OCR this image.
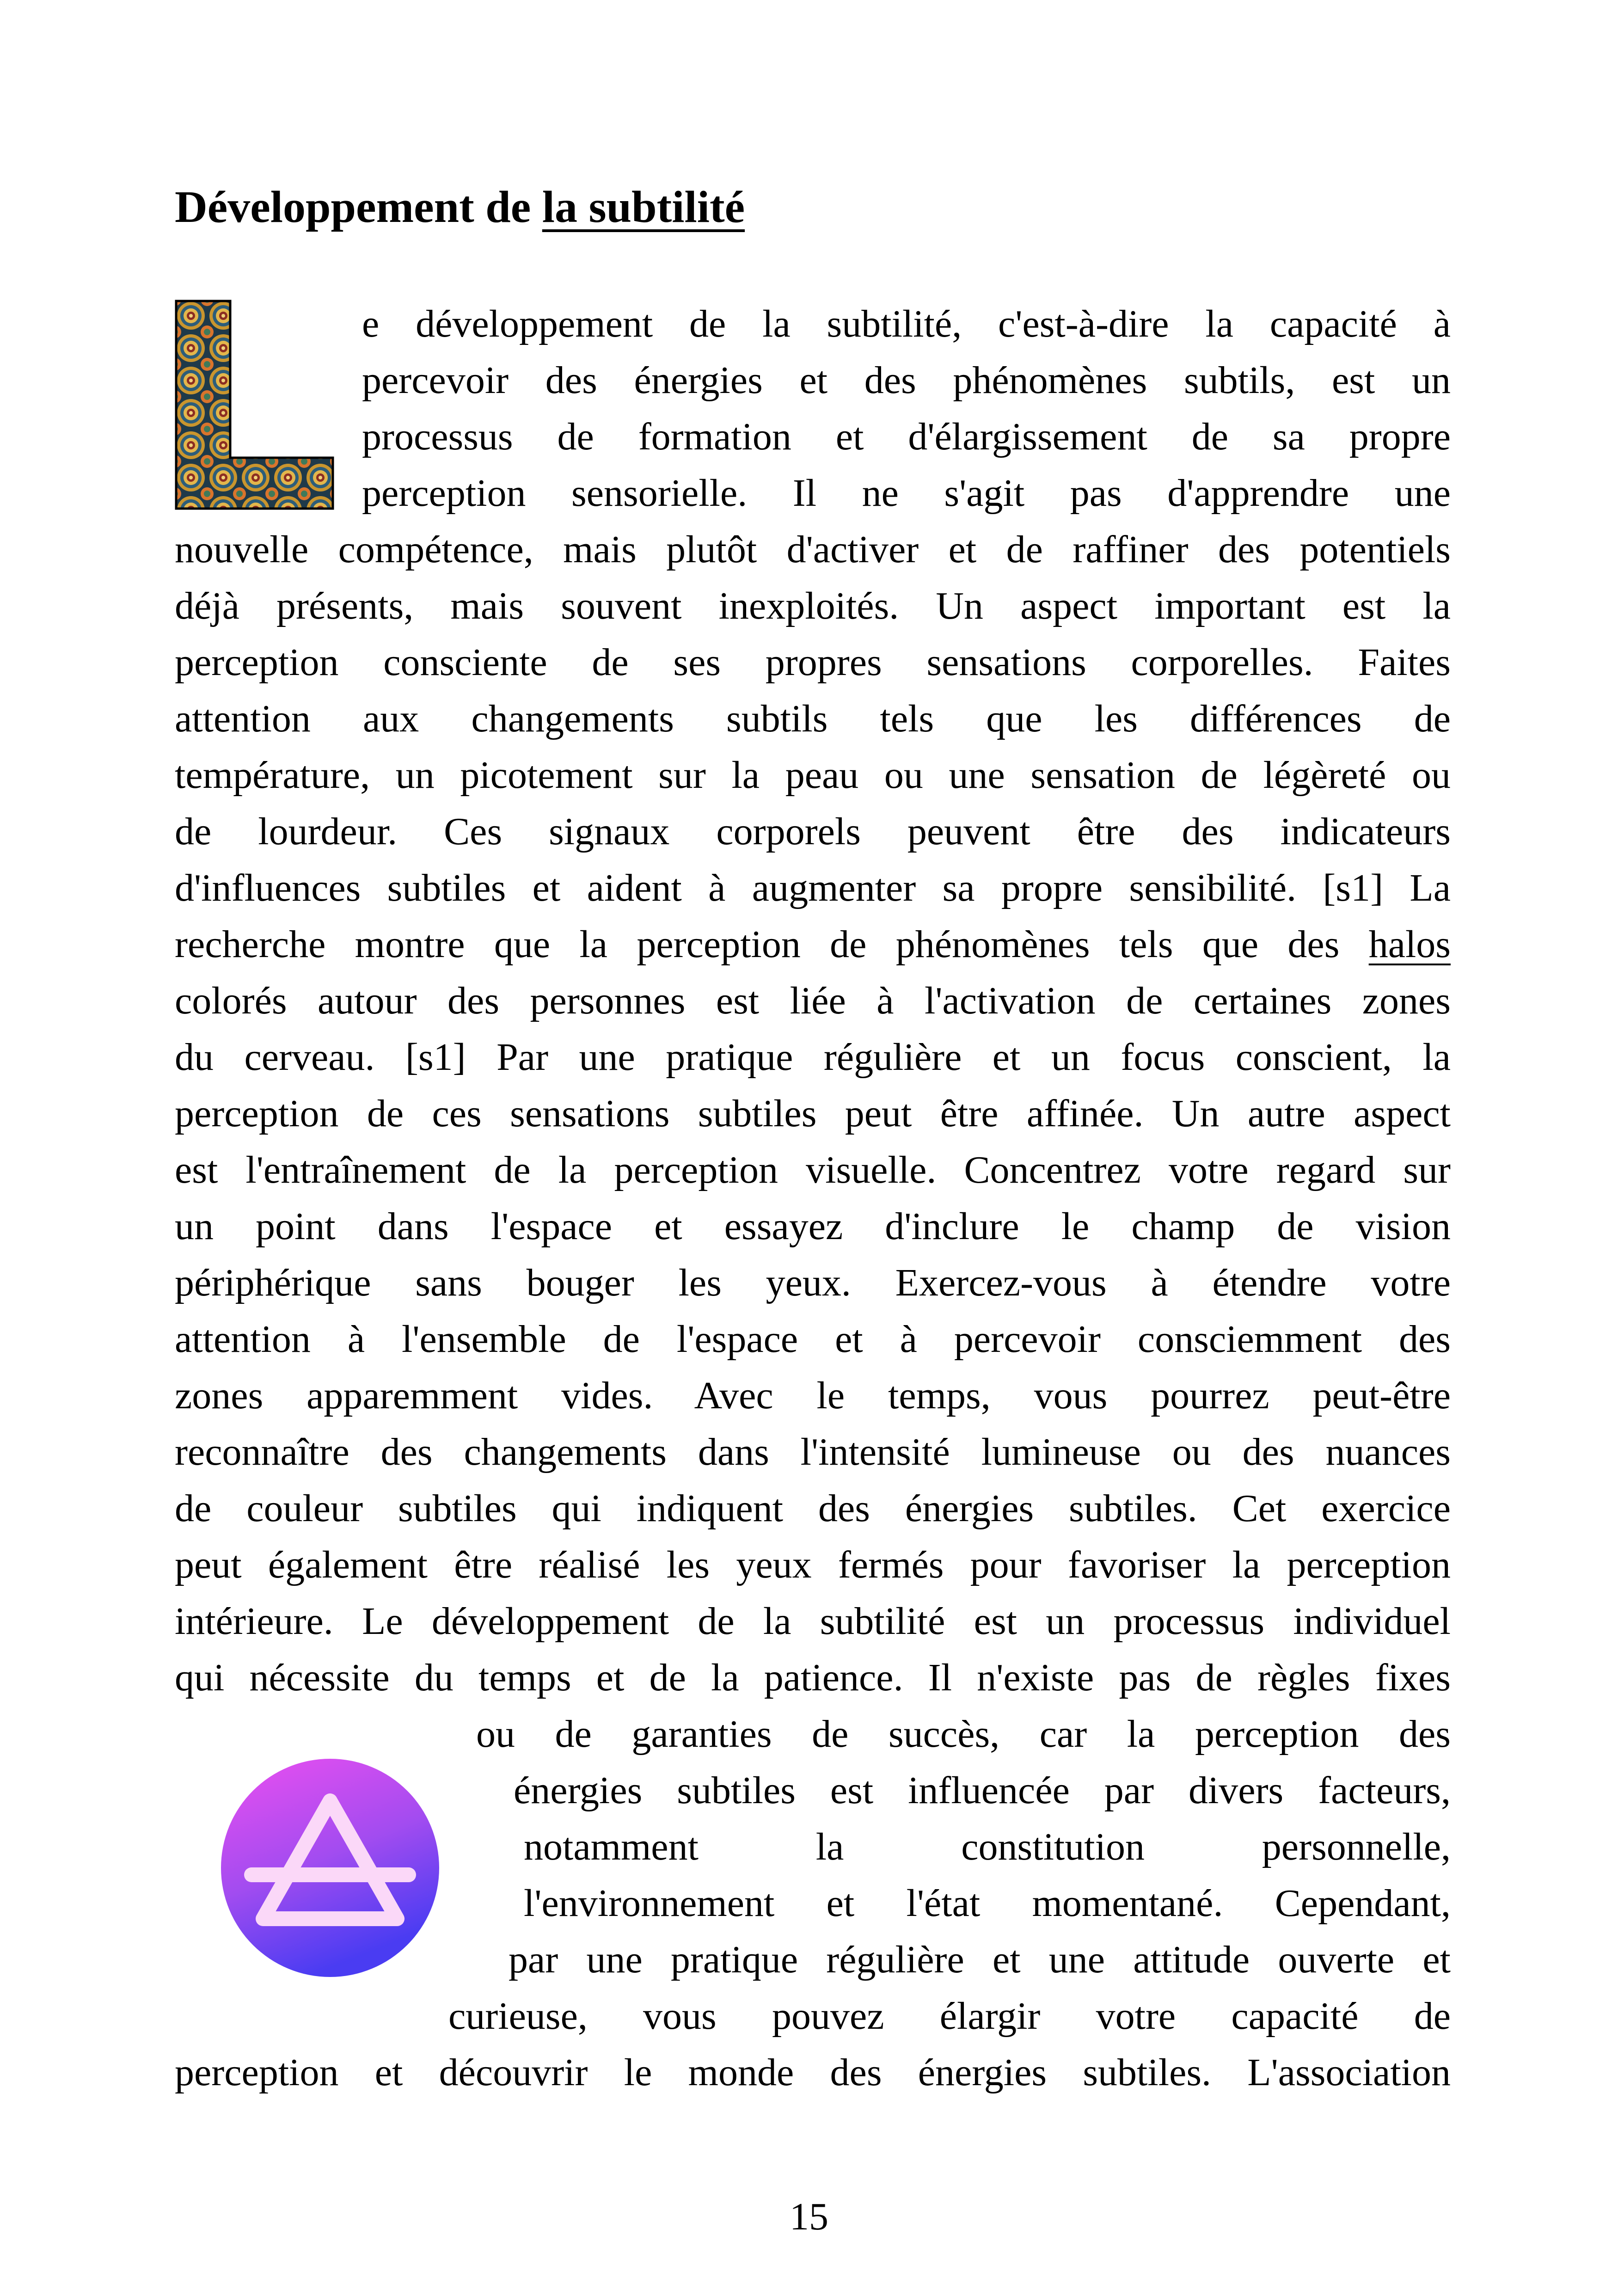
Développement de la subtilité
e développement de la subtilité, c'est-à-dire la capacité à
percevoir des énergies et des phénomènes subtils, est un
processus de formation et d'élargissement de sa propre
perception sensorielle. Il ne s'agit pas d'apprendre une
nouvelle compétence, mais plutôt d'activer et de raffiner des potentiels
déjà présents, mais souvent inexploités. Un aspect important est la
perception consciente de ses propres sensations corporelles. Faites
attention aux changements subtils tels que les différences de
température, un picotement sur la peau ou une sensation de légèreté ou
de lourdeur. Ces signaux corporels peuvent être des indicateurs
d'influences subtiles et aident à augmenter sa propre sensibilité. [s1] La
recherche montre que la perception de phénomènes tels que des halos
colorés autour des personnes est liée à l'activation de certaines zones
du cerveau. [s1] Par une pratique régulière et un focus conscient, la
perception de ces sensations subtiles peut être affinée. Un autre aspect
est l'entraînement de la perception visuelle. Concentrez votre regard sur
un point dans l'espace et essayez d'inclure le champ de vision
périphérique sans bouger les yeux. Exercez-vous à étendre votre
attention à l'ensemble de l'espace et à percevoir consciemment des
zones apparemment vides. Avec le temps, vous pourrez peut-être
reconnaître des changements dans l'intensité lumineuse ou des nuances
de couleur subtiles qui indiquent des énergies subtiles. Cet exercice
peut également être réalisé les yeux fermés pour favoriser la perception
intérieure. Le développement de la subtilité est un processus individuel
qui nécessite du temps et de la patience. Il n'existe pas de règles fixes
ou de garanties de succès, car la perception des
énergies subtiles est influencée par divers facteurs,
notamment la constitution personnelle,
l'environnement et l'état momentané. Cependant,
par une pratique régulière et une attitude ouverte et
curieuse, vous pouvez élargir votre capacité de
perception et découvrir le monde des énergies subtiles. L'association
15
